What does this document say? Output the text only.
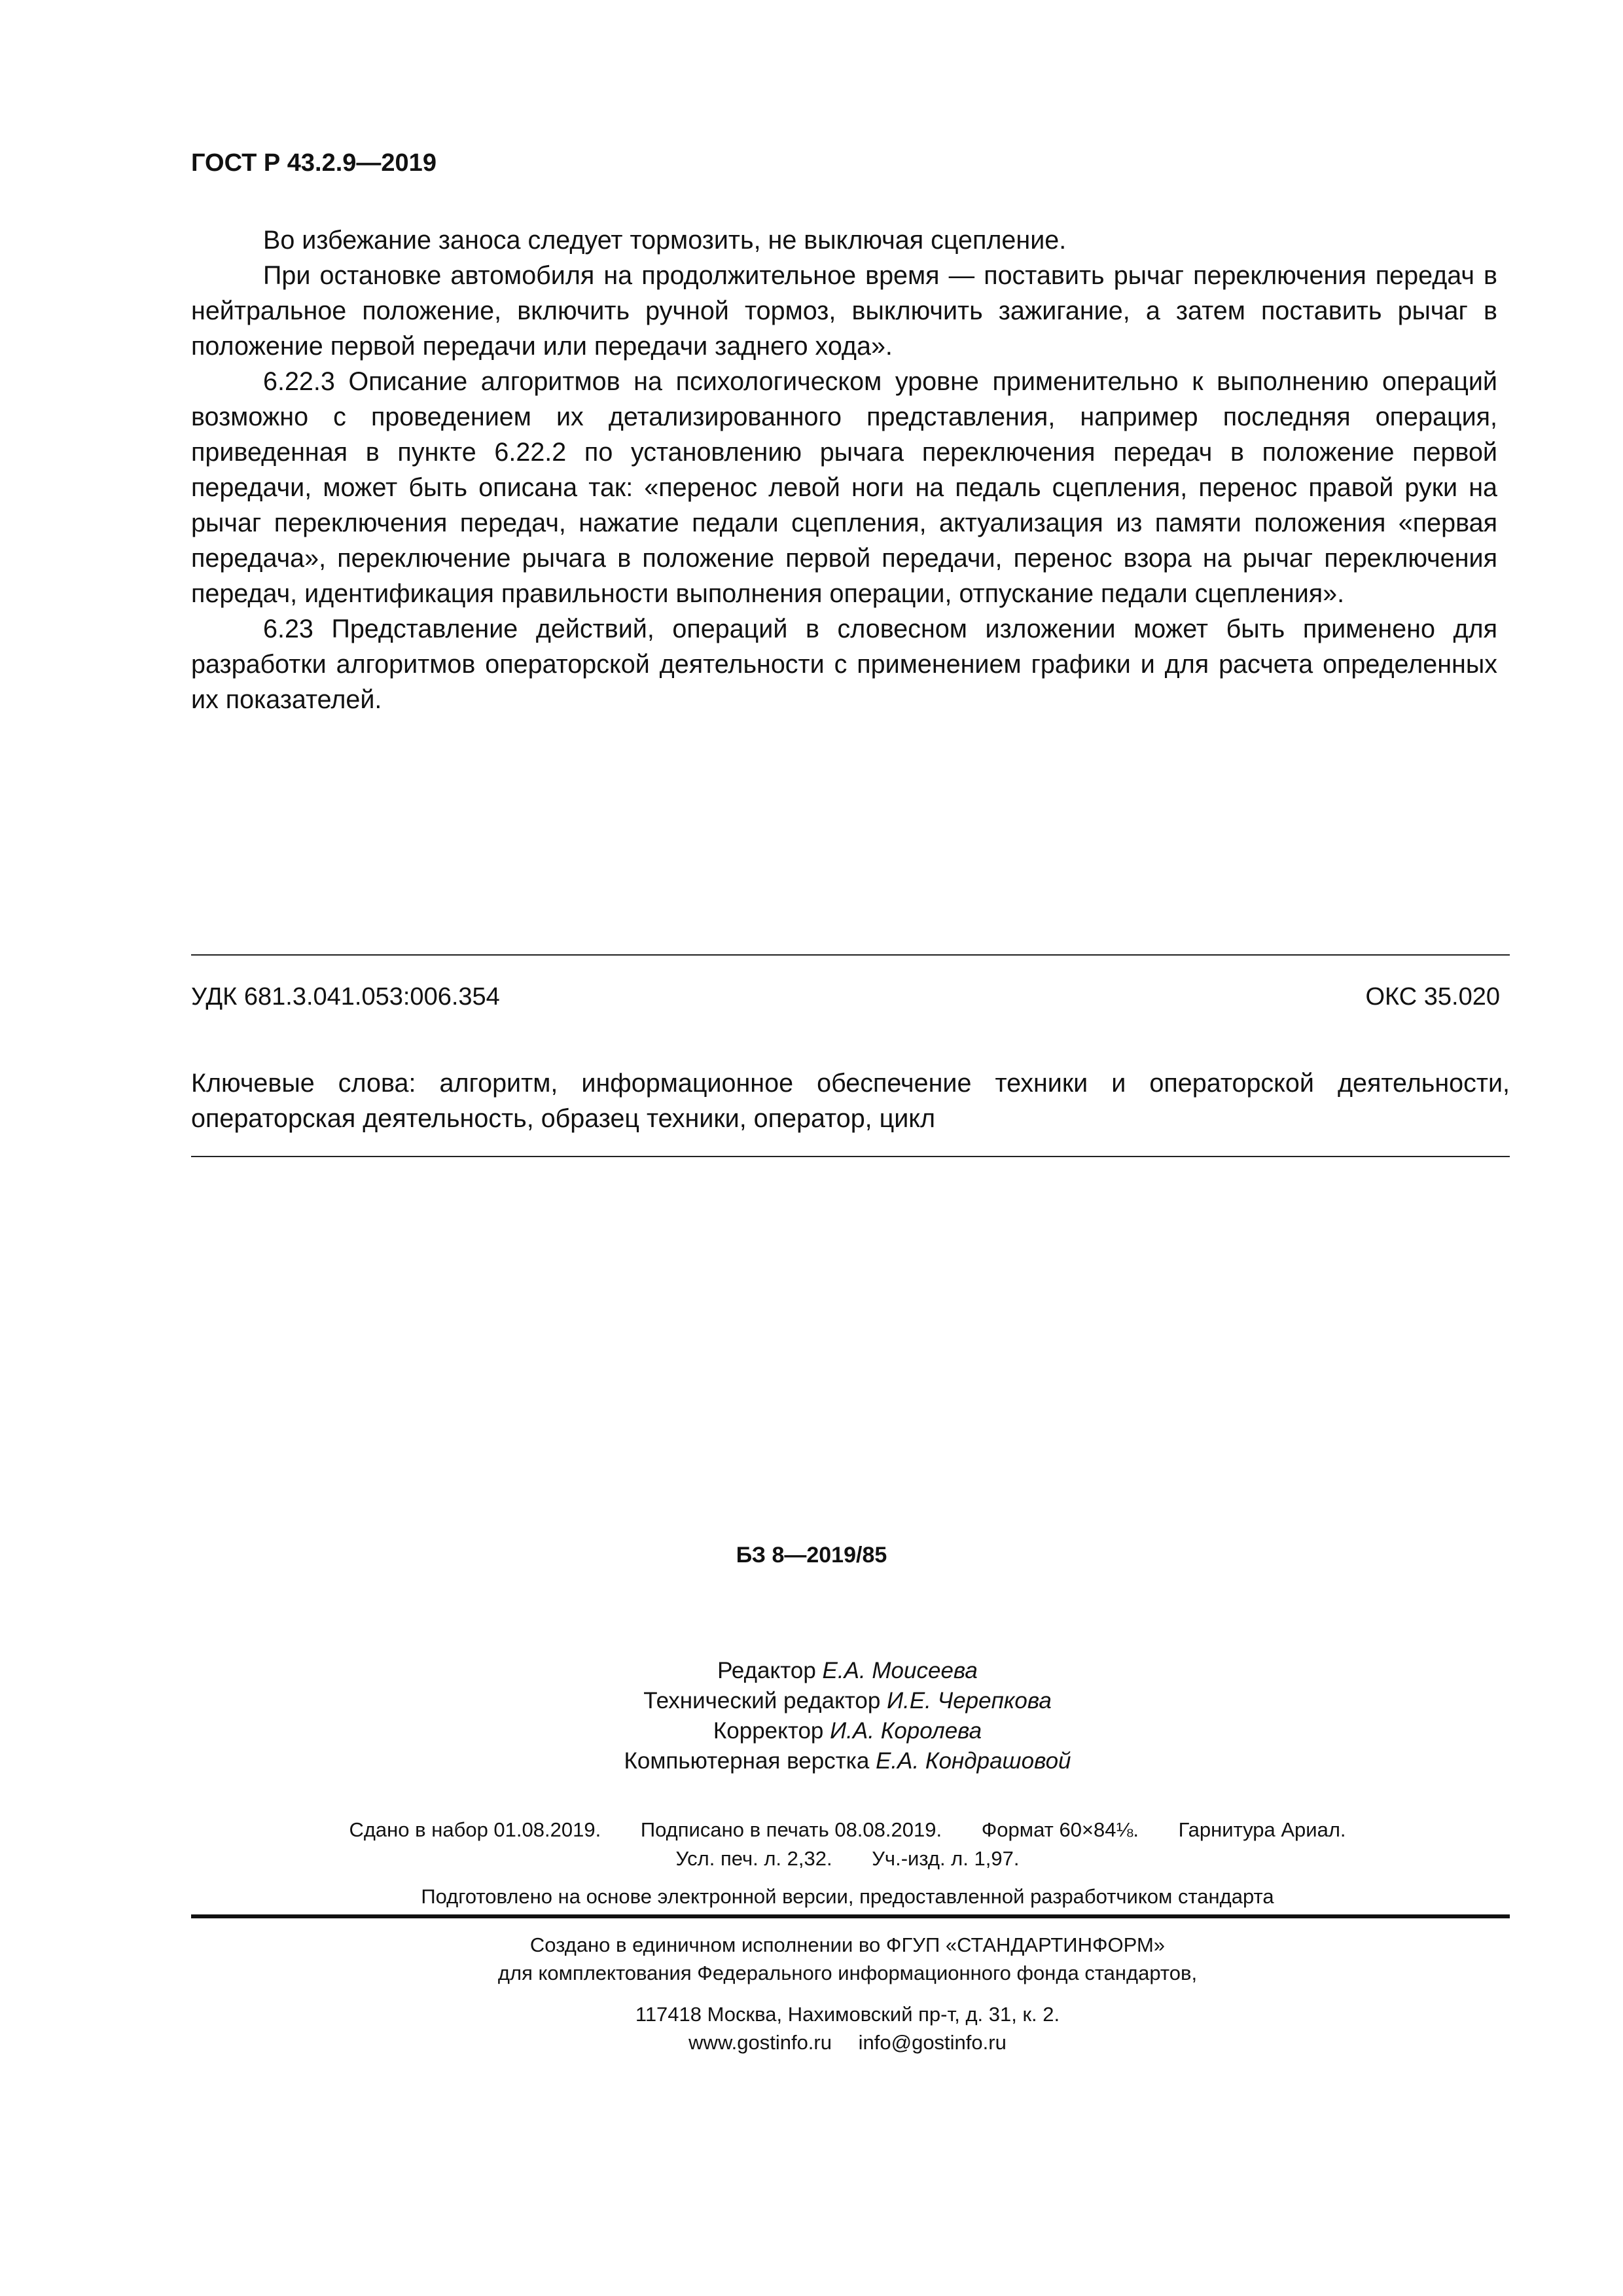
ГОСТ Р 43.2.9—2019

Во избежание заноса следует тормозить, не выключая сцепление.

При остановке автомобиля на продолжительное время — поставить рычаг переключения передач в нейтральное положение, включить ручной тормоз, выключить зажигание, а затем поставить рычаг в положение первой передачи или передачи заднего хода».

6.22.3 Описание алгоритмов на психологическом уровне применительно к выполнению операций возможно с проведением их детализированного представления, например последняя операция, приведенная в пункте 6.22.2 по установлению рычага переключения передач в положение первой передачи, может быть описана так: «перенос левой ноги на педаль сцепления, перенос правой руки на рычаг переключения передач, нажатие педали сцепления, актуализация из памяти положения «первая передача», переключение рычага в положение первой передачи, перенос взора на рычаг переключения передач, идентификация правильности выполнения операции, отпускание педали сцепления».

6.23 Представление действий, операций в словесном изложении может быть применено для разработки алгоритмов операторской деятельности с применением графики и для расчета определенных их показателей.

УДК 681.3.041.053:006.354	ОКС 35.020
Ключевые слова: алгоритм, информационное обеспечение техники и операторской деятельности, операторская деятельность, образец техники, оператор, цикл
БЗ 8—2019/85
Редактор Е.А. Моисеева
Технический редактор И.Е. Черепкова
Корректор И.А. Королева
Компьютерная верстка Е.А. Кондрашовой
Сдано в набор 01.08.2019. Подписано в печать 08.08.2019. Формат 60×84⅛. Гарнитура Ариал.
Усл. печ. л. 2,32. Уч.-изд. л. 1,97.
Подготовлено на основе электронной версии, предоставленной разработчиком стандарта
Создано в единичном исполнении во ФГУП «СТАНДАРТИНФОРМ»
для комплектования Федерального информационного фонда стандартов,
117418 Москва, Нахимовский пр-т, д. 31, к. 2.
www.gostinfo.ru info@gostinfo.ru
